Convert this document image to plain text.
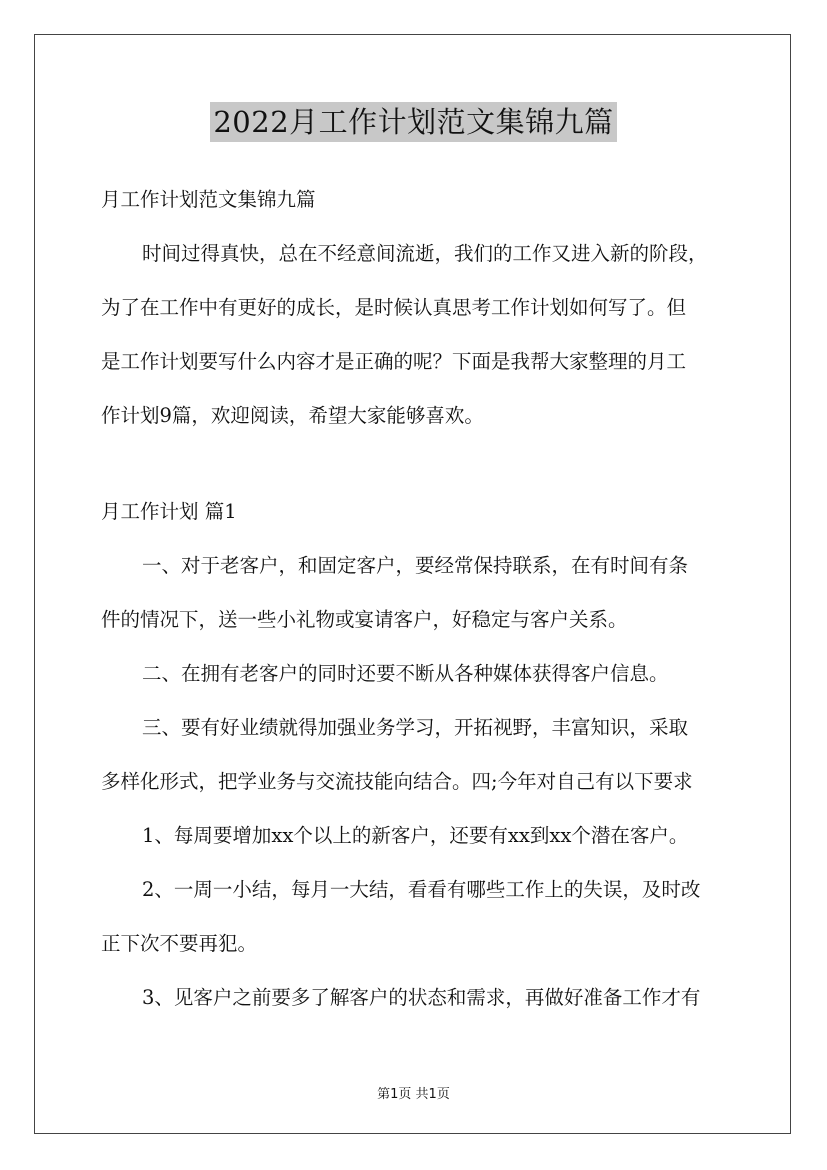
2022月工作计划范文集锦九篇

月工作计划范文集锦九篇

时间过得真快，总在不经意间流逝，我们的工作又进入新的阶段，

为了在工作中有更好的成长，是时候认真思考工作计划如何写了。但

是工作计划要写什么内容才是正确的呢？下面是我帮大家整理的月工

作计划9篇，欢迎阅读，希望大家能够喜欢。

月工作计划 篇1

一、对于老客户，和固定客户，要经常保持联系，在有时间有条

件的情况下，送一些小礼物或宴请客户，好稳定与客户关系。

二、在拥有老客户的同时还要不断从各种媒体获得客户信息。

三、要有好业绩就得加强业务学习，开拓视野，丰富知识，采取

多样化形式，把学业务与交流技能向结合。四;今年对自己有以下要求

1、每周要增加xx个以上的新客户，还要有xx到xx个潜在客户。

2、一周一小结，每月一大结，看看有哪些工作上的失误，及时改

正下次不要再犯。

3、见客户之前要多了解客户的状态和需求，再做好准备工作才有

第1页 共1页
